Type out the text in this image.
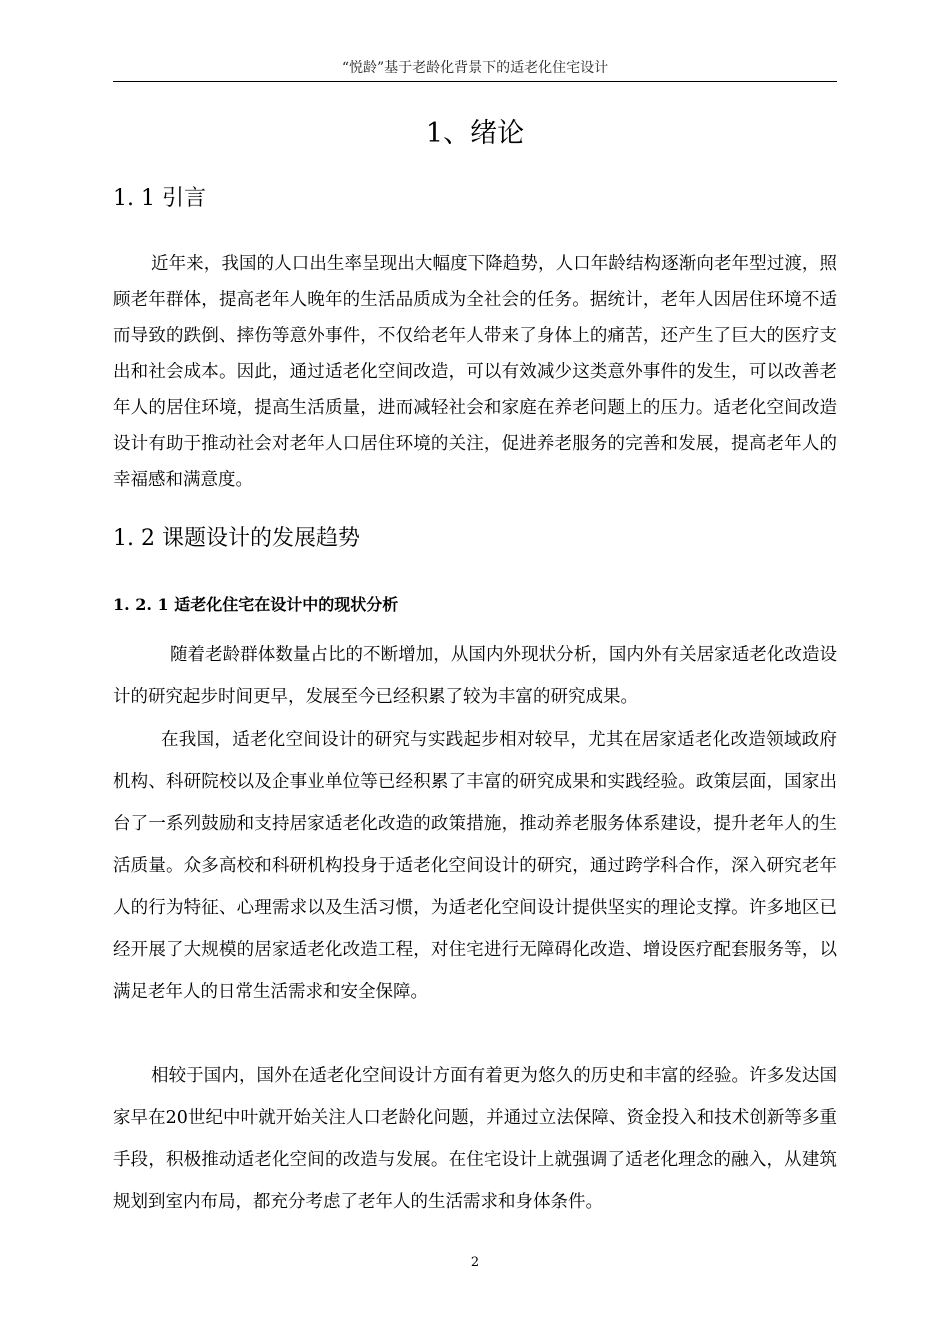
“悦龄”基于老龄化背景下的适老化住宅设计
1、绪论
1. 1 引言

近年来，我国的人口出生率呈现出大幅度下降趋势，人口年龄结构逐渐向老年型过渡，照顾老年群体，提高老年人晚年的生活品质成为全社会的任务。据统计，老年人因居住环境不适而导致的跌倒、摔伤等意外事件，不仅给老年人带来了身体上的痛苦，还产生了巨大的医疗支出和社会成本。因此，通过适老化空间改造，可以有效减少这类意外事件的发生，可以改善老年人的居住环境，提高生活质量，进而减轻社会和家庭在养老问题上的压力。适老化空间改造设计有助于推动社会对老年人口居住环境的关注，促进养老服务的完善和发展，提高老年人的幸福感和满意度。

1. 2 课题设计的发展趋势
1. 2. 1 适老化住宅在设计中的现状分析

随着老龄群体数量占比的不断增加，从国内外现状分析，国内外有关居家适老化改造设计的研究起步时间更早，发展至今已经积累了较为丰富的研究成果。

在我国，适老化空间设计的研究与实践起步相对较早，尤其在居家适老化改造领域政府机构、科研院校以及企事业单位等已经积累了丰富的研究成果和实践经验。政策层面，国家出台了一系列鼓励和支持居家适老化改造的政策措施，推动养老服务体系建设，提升老年人的生活质量。众多高校和科研机构投身于适老化空间设计的研究，通过跨学科合作，深入研究老年人的行为特征、心理需求以及生活习惯，为适老化空间设计提供坚实的理论支撑。许多地区已经开展了大规模的居家适老化改造工程，对住宅进行无障碍化改造、增设医疗配套服务等，以满足老年人的日常生活需求和安全保障。

相较于国内，国外在适老化空间设计方面有着更为悠久的历史和丰富的经验。许多发达国家早在20世纪中叶就开始关注人口老龄化问题，并通过立法保障、资金投入和技术创新等多重手段，积极推动适老化空间的改造与发展。在住宅设计上就强调了适老化理念的融入，从建筑规划到室内布局，都充分考虑了老年人的生活需求和身体条件。

2
